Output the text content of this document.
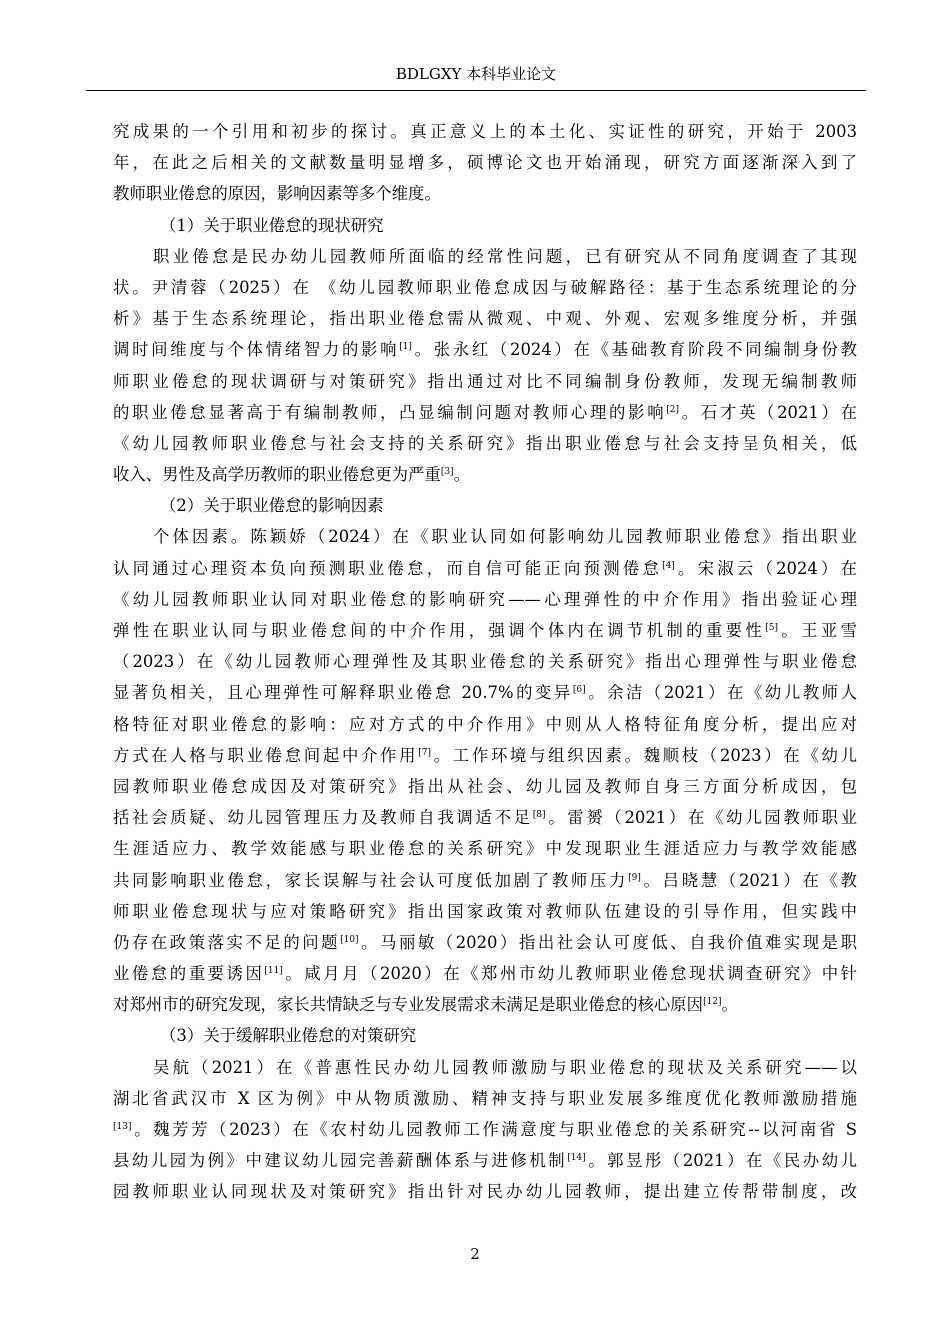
BDLGXY 本科毕业论文
究成果的一个引用和初步的探讨。真正意义上的本土化、实证性的研究，开始于 2003
年，在此之后相关的文献数量明显增多，硕博论文也开始涌现，研究方面逐渐深入到了
教师职业倦怠的原因，影响因素等多个维度。
（1）关于职业倦怠的现状研究
职业倦怠是民办幼儿园教师所面临的经常性问题，已有研究从不同角度调查了其现
状。尹清蓉（2025）在 《幼儿园教师职业倦怠成因与破解路径：基于生态系统理论的分
析》基于生态系统理论，指出职业倦怠需从微观、中观、外观、宏观多维度分析，并强
调时间维度与个体情绪智力的影响[1]。张永红（2024）在《基础教育阶段不同编制身份教
师职业倦怠的现状调研与对策研究》指出通过对比不同编制身份教师，发现无编制教师
的职业倦怠显著高于有编制教师，凸显编制问题对教师心理的影响[2]。石才英（2021）在
《幼儿园教师职业倦怠与社会支持的关系研究》指出职业倦怠与社会支持呈负相关，低
收入、男性及高学历教师的职业倦怠更为严重[3]。
（2）关于职业倦怠的影响因素
个体因素。陈颖娇（2024）在《职业认同如何影响幼儿园教师职业倦怠》指出职业
认同通过心理资本负向预测职业倦怠，而自信可能正向预测倦怠[4]。宋淑云（2024）在
《幼儿园教师职业认同对职业倦怠的影响研究——心理弹性的中介作用》指出验证心理
弹性在职业认同与职业倦怠间的中介作用，强调个体内在调节机制的重要性[5]。王亚雪
（2023）在《幼儿园教师心理弹性及其职业倦怠的关系研究》指出心理弹性与职业倦怠
显著负相关，且心理弹性可解释职业倦怠 20.7%的变异[6]。余洁（2021）在《幼儿教师人
格特征对职业倦怠的影响：应对方式的中介作用》中则从人格特征角度分析，提出应对
方式在人格与职业倦怠间起中介作用[7]。工作环境与组织因素。魏顺枝（2023）在《幼儿
园教师职业倦怠成因及对策研究》指出从社会、幼儿园及教师自身三方面分析成因，包
括社会质疑、幼儿园管理压力及教师自我调适不足[8]。雷赟（2021）在《幼儿园教师职业
生涯适应力、教学效能感与职业倦怠的关系研究》中发现职业生涯适应力与教学效能感
共同影响职业倦怠，家长误解与社会认可度低加剧了教师压力[9]。吕晓慧（2021）在《教
师职业倦怠现状与应对策略研究》指出国家政策对教师队伍建设的引导作用，但实践中
仍存在政策落实不足的问题[10]。马丽敏（2020）指出社会认可度低、自我价值难实现是职
业倦怠的重要诱因[11]。咸月月（2020）在《郑州市幼儿教师职业倦怠现状调查研究》中针
对郑州市的研究发现，家长共情缺乏与专业发展需求未满足是职业倦怠的核心原因[12]。
（3）关于缓解职业倦怠的对策研究
吴航（2021）在《普惠性民办幼儿园教师激励与职业倦怠的现状及关系研究——以
湖北省武汉市 X 区为例》中从物质激励、精神支持与职业发展多维度优化教师激励措施
[13]。魏芳芳（2023）在《农村幼儿园教师工作满意度与职业倦怠的关系研究--以河南省 S
县幼儿园为例》中建议幼儿园完善薪酬体系与进修机制[14]。郭昱彤（2021）在《民办幼儿
园教师职业认同现状及对策研究》指出针对民办幼儿园教师，提出建立传帮带制度，改
2
